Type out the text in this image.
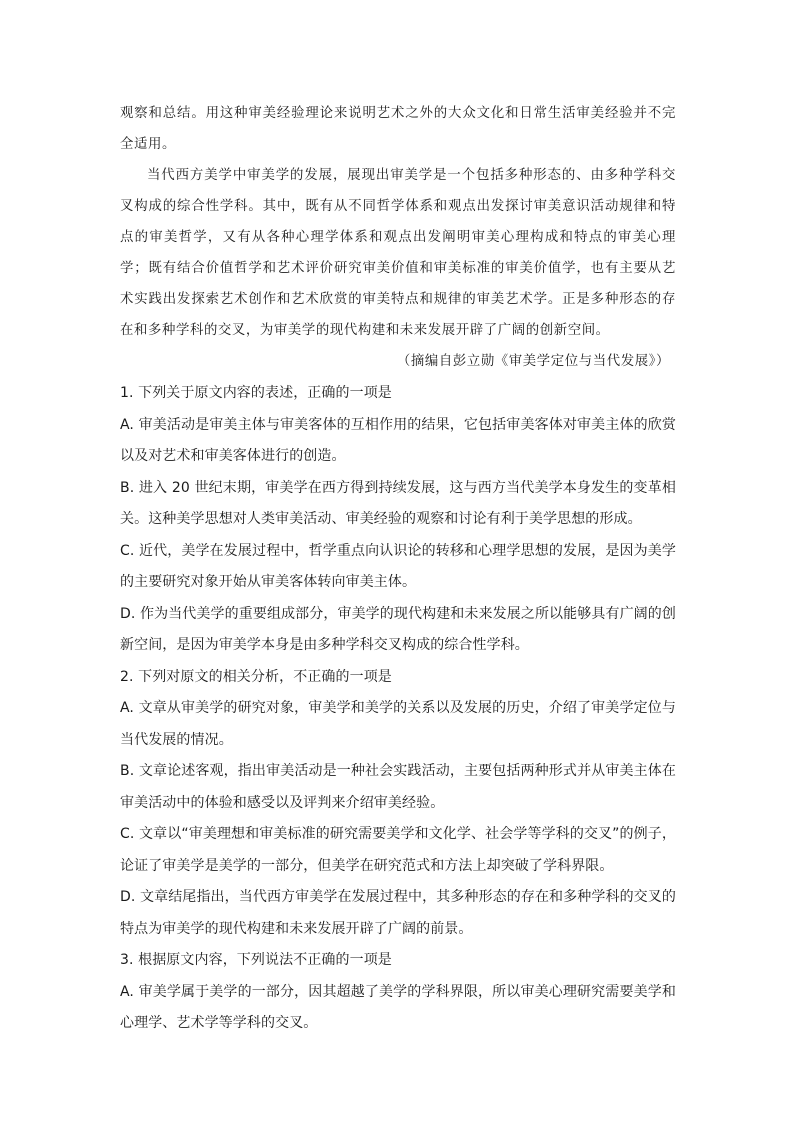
观察和总结。用这种审美经验理论来说明艺术之外的大众文化和日常生活审美经验并不完全适用。

当代西方美学中审美学的发展，展现出审美学是一个包括多种形态的、由多种学科交叉构成的综合性学科。其中，既有从不同哲学体系和观点出发探讨审美意识活动规律和特点的审美哲学，又有从各种心理学体系和观点出发阐明审美心理构成和特点的审美心理学；既有结合价值哲学和艺术评价研究审美价值和审美标准的审美价值学，也有主要从艺术实践出发探索艺术创作和艺术欣赏的审美特点和规律的审美艺术学。正是多种形态的存在和多种学科的交叉，为审美学的现代构建和未来发展开辟了广阔的创新空间。

（摘编自彭立勋《审美学定位与当代发展》）

1. 下列关于原文内容的表述，正确的一项是

A. 审美活动是审美主体与审美客体的互相作用的结果，它包括审美客体对审美主体的欣赏以及对艺术和审美客体进行的创造。

B. 进入 20 世纪末期，审美学在西方得到持续发展，这与西方当代美学本身发生的变革相关。这种美学思想对人类审美活动、审美经验的观察和讨论有利于美学思想的形成。

C. 近代，美学在发展过程中，哲学重点向认识论的转移和心理学思想的发展，是因为美学的主要研究对象开始从审美客体转向审美主体。

D. 作为当代美学的重要组成部分，审美学的现代构建和未来发展之所以能够具有广阔的创新空间，是因为审美学本身是由多种学科交叉构成的综合性学科。

2. 下列对原文的相关分析，不正确的一项是

A. 文章从审美学的研究对象，审美学和美学的关系以及发展的历史，介绍了审美学定位与当代发展的情况。

B. 文章论述客观，指出审美活动是一种社会实践活动，主要包括两种形式并从审美主体在审美活动中的体验和感受以及评判来介绍审美经验。

C. 文章以“审美理想和审美标准的研究需要美学和文化学、社会学等学科的交叉”的例子，论证了审美学是美学的一部分，但美学在研究范式和方法上却突破了学科界限。

D. 文章结尾指出，当代西方审美学在发展过程中，其多种形态的存在和多种学科的交叉的特点为审美学的现代构建和未来发展开辟了广阔的前景。

3. 根据原文内容，下列说法不正确的一项是

A. 审美学属于美学的一部分，因其超越了美学的学科界限，所以审美心理研究需要美学和心理学、艺术学等学科的交叉。
